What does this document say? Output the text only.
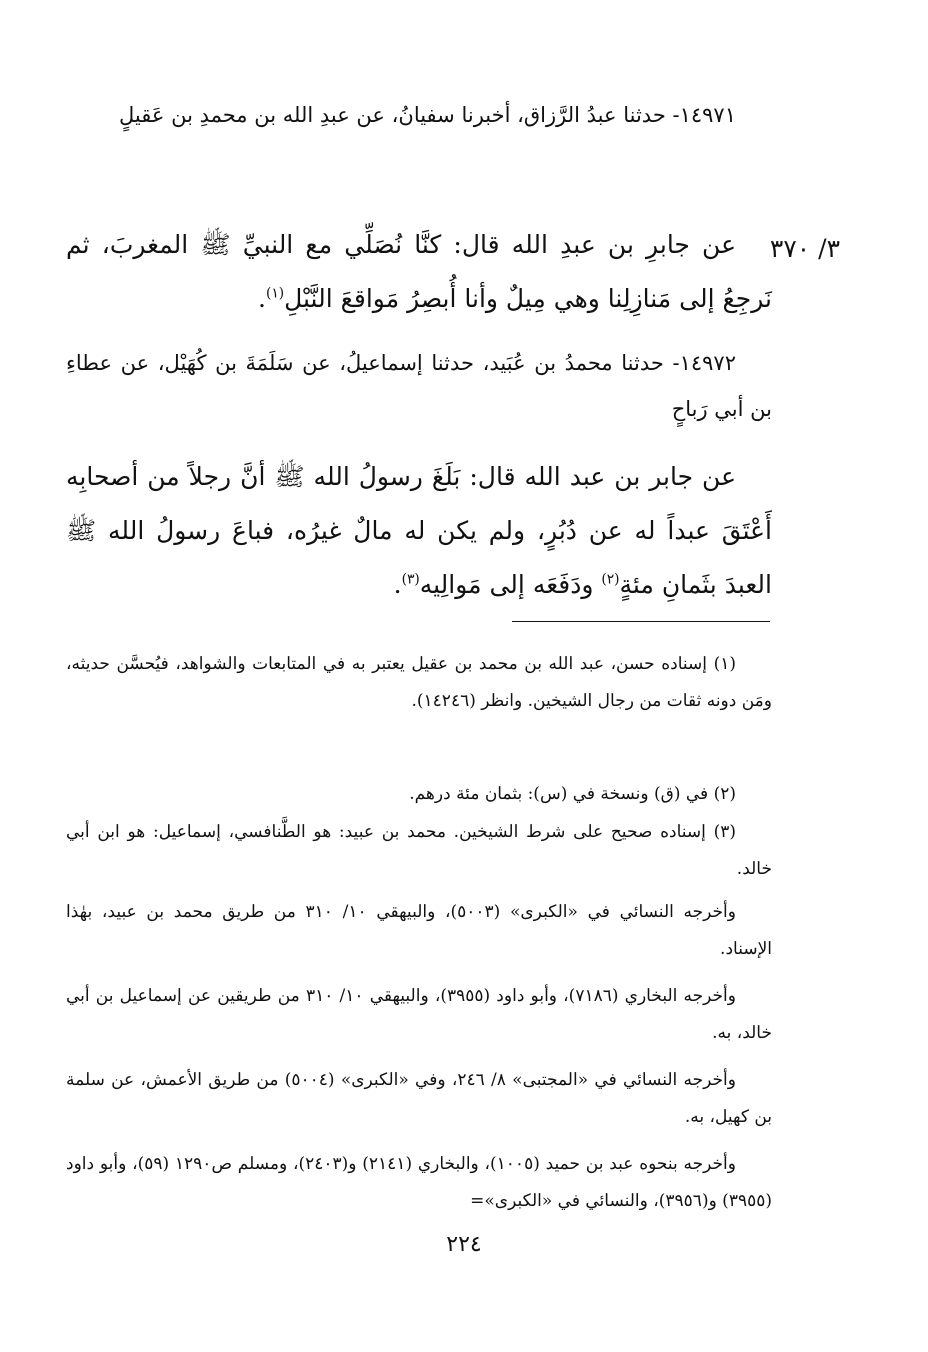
١٤٩٧١- حدثنا عبدُ الرَّزاق، أخبرنا سفيانُ، عن عبدِ الله بن محمدِ بن عَقيلٍ

٣/ ٣٧٠

عن جابرِ بن عبدِ الله قال: كنَّا نُصَلِّي مع النبيِّ ﷺ المغربَ، ثم نَرجِعُ إلى مَنازِلِنا وهي مِيلٌ وأنا أُبصِرُ مَواقعَ النَّبْلِ$^{(١)}$.

١٤٩٧٢- حدثنا محمدُ بن عُبَيد، حدثنا إسماعيلُ، عن سَلَمَةَ بن كُهَيْل، عن عطاءِ بن أبي رَباحٍ

عن جابر بن عبد الله قال: بَلَغَ رسولُ الله ﷺ أنَّ رجلاً من أصحابِه أَعْتَقَ عبداً له عن دُبُرٍ، ولم يكن له مالٌ غيرُه، فباعَ رسولُ الله ﷺ العبدَ بثَمانِ مئةٍ$^{(٢)}$ ودَفَعَه إلى مَوالِيه$^{(٣)}$.

(١) إسناده حسن، عبد الله بن محمد بن عقيل يعتبر به في المتابعات والشواهد، فيُحسَّن حديثه، ومَن دونه ثقات من رجال الشيخين. وانظر (١٤٢٤٦).

(٢) في (ق) ونسخة في (س): بثمان مئة درهم.

(٣) إسناده صحيح على شرط الشيخين. محمد بن عبيد: هو الطَّنافسي، إسماعيل: هو ابن أبي خالد.

وأخرجه النسائي في «الكبرى» (٥٠٠٣)، والبيهقي ١٠/ ٣١٠ من طريق محمد بن عبيد، بهٰذا الإسناد.

وأخرجه البخاري (٧١٨٦)، وأبو داود (٣٩٥٥)، والبيهقي ١٠/ ٣١٠ من طريقين عن إسماعيل بن أبي خالد، به.

وأخرجه النسائي في «المجتبى» ٨/ ٢٤٦، وفي «الكبرى» (٥٠٠٤) من طريق الأعمش، عن سلمة بن كهيل، به.

وأخرجه بنحوه عبد بن حميد (١٠٠٥)، والبخاري (٢١٤١) و(٢٤٠٣)، ومسلم ص١٢٩٠ (٥٩)، وأبو داود (٣٩٥٥) و(٣٩٥٦)، والنسائي في «الكبرى»=

٢٢٤
